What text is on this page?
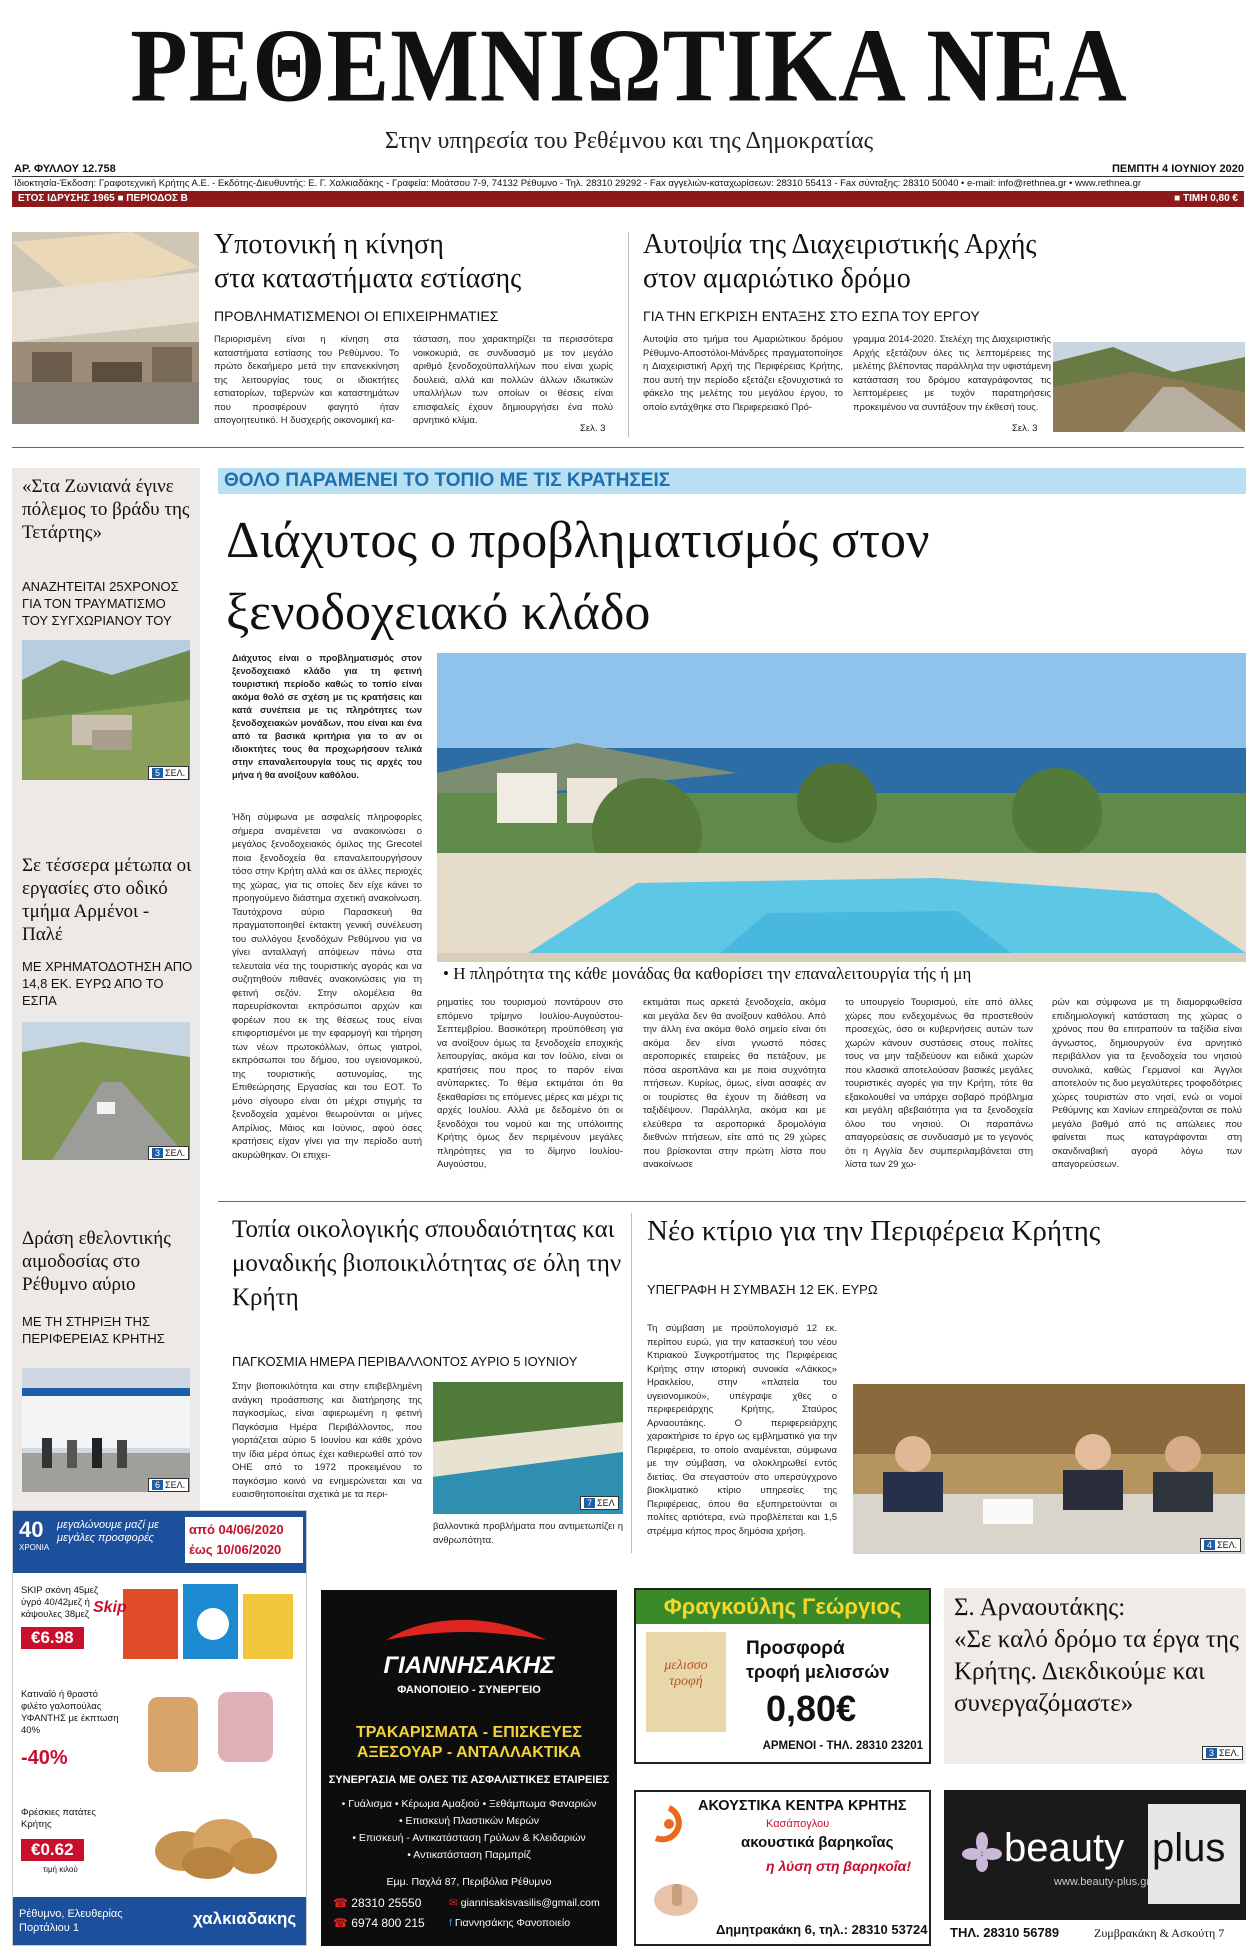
ΡΕΘΕΜΝΙΩΤΙΚΑ ΝΕΑ
Στην υπηρεσία του Ρεθέμνου και της Δημοκρατίας
ΑΡ. ΦΥΛΛΟΥ 12.758	ΠΕΜΠΤΗ 4 ΙΟΥΝΙΟΥ 2020
Ιδιοκτησία-Έκδοση: Γραφοτεχνική Κρήτης Α.Ε. - Εκδότης-Διευθυντής: Ε. Γ. Χαλκιαδάκης - Γραφεία: Μοάτσου 7-9, 74132 Ρέθυμνο - Τηλ. 28310 29292 - Fax αγγελιών-καταχωρίσεων: 28310 55413 - Fax σύνταξης: 28310 50040 • e-mail: info@rethnea.gr • www.rethnea.gr
ΕΤΟΣ ΙΔΡΥΣΗΣ 1965 ■ ΠΕΡΙΟΔΟΣ Β	■ ΤΙΜΗ 0,80 €
Υποτονική η κίνηση
στα καταστήματα εστίασης
ΠΡΟΒΛΗΜΑΤΙΣΜΕΝΟΙ ΟΙ ΕΠΙΧΕΙΡΗΜΑΤΙΕΣ
Περιορισμένη είναι η κίνηση στα καταστήματα εστίασης του Ρεθύμνου. Το πρώτο δεκαήμερο μετά την επανεκκίνηση της λειτουργίας τους οι ιδιοκτήτες εστιατορίων, ταβερνών και καταστημάτων που προσφέρουν φαγητό ήταν απογοητευτικό. Η δυσχερής οικονομική κα-
τάσταση, που χαρακτηρίζει τα περισσότερα νοικοκυριά, σε συνδυασμό με τον μεγάλο αριθμό ξενοδοχοϋπαλλήλων που είναι χωρίς δουλειά, αλλά και πολλών άλλων ιδιωτικών υπαλλήλων των οποίων οι θέσεις είναι επισφαλείς έχουν δημιουργήσει ένα πολύ αρνητικό κλίμα.
Σελ. 3
Αυτοψία της Διαχειριστικής Αρχής
στον αμαριώτικο δρόμο
ΓΙΑ ΤΗΝ ΕΓΚΡΙΣΗ ΕΝΤΑΞΗΣ ΣΤΟ ΕΣΠΑ ΤΟΥ ΕΡΓΟΥ
Αυτοψία στο τμήμα του Αμαριώτικου δρόμου Ρέθυμνο-Αποστόλοι-Μάνδρες πραγματοποίησε η Διαχειριστική Αρχή της Περιφέρειας Κρήτης, που αυτή την περίοδο εξετάζει εξονυχιστικά το φάκελο της μελέτης του μεγάλου έργου, το οποίο εντάχθηκε στο Περιφερειακό Πρό-
γραμμα 2014-2020. Στελέχη της Διαχειριστικής Αρχής εξετάζουν όλες τις λεπτομέρειες της μελέτης βλέποντας παράλληλα την υφιστάμενη κατάσταση του δρόμου καταγράφοντας τις λεπτομέρειες με τυχόν παρατηρήσεις προκειμένου να συντάξουν την έκθεσή τους.
Σελ. 3
«Στα Ζωνιανά έγινε πόλεμος το βράδυ της Τετάρτης»
ΑΝΑΖΗΤΕΙΤΑΙ 25ΧΡΟΝΟΣ ΓΙΑ ΤΟΝ ΤΡΑΥΜΑΤΙΣΜΟ ΤΟΥ ΣΥΓΧΩΡΙΑΝΟΥ ΤΟΥ
5 ΣΕΛ.
Σε τέσσερα μέτωπα οι εργασίες στο οδικό τμήμα Αρμένοι - Παλέ
ΜΕ ΧΡΗΜΑΤΟΔΟΤΗΣΗ ΑΠΟ 14,8 ΕΚ. ΕΥΡΩ ΑΠΟ ΤΟ ΕΣΠΑ
3 ΣΕΛ.
Δράση εθελοντικής αιμοδοσίας στο Ρέθυμνο αύριο
ΜΕ ΤΗ ΣΤΗΡΙΞΗ ΤΗΣ ΠΕΡΙΦΕΡΕΙΑΣ ΚΡΗΤΗΣ
6 ΣΕΛ.
ΘΟΛΟ ΠΑΡΑΜΕΝΕΙ ΤΟ ΤΟΠΙΟ ΜΕ ΤΙΣ ΚΡΑΤΗΣΕΙΣ
Διάχυτος ο προβληματισμός στον
ξενοδοχειακό κλάδο
Διάχυτος είναι ο προβληματισμός στον ξενοδοχειακό κλάδο για τη φετινή τουριστική περίοδο καθώς το τοπίο είναι ακόμα θολό σε σχέση με τις κρατήσεις και κατά συνέπεια με τις πληρότητες των ξενοδοχειακών μονάδων, που είναι και ένα από τα βασικά κριτήρια για το αν οι ιδιοκτήτες τους θα προχωρήσουν τελικά στην επαναλειτουργία τους τις αρχές του μήνα ή θα ανοίξουν καθόλου.
Ήδη σύμφωνα με ασφαλείς πληροφορίες σήμερα αναμένεται να ανακοινώσει ο μεγάλος ξενοδοχειακός όμιλος της Grecotel ποια ξενοδοχεία θα επαναλειτουργήσουν τόσο στην Κρήτη αλλά και σε άλλες περιοχές της χώρας, για τις οποίες δεν είχε κάνει το προηγούμενο διάστημα σχετική ανακοίνωση. Ταυτόχρονα αύριο Παρασκευή θα πραγματοποιηθεί έκτακτη γενική συνέλευση του συλλόγου ξενοδόχων Ρεθύμνου για να γίνει ανταλλαγή απόψεων πάνω στα τελευταία νέα της τουριστικής αγοράς και να συζητηθούν πιθανές ανακοινώσεις για τη φετινή σεζόν. Στην ολομέλεια θα παρευρίσκονται εκπρόσωποι αρχών και φορέων που εκ της θέσεως τους είναι επιφορτισμένοι με την εφαρμογή και τήρηση των νέων πρωτοκόλλων, όπως γιατροί, εκπρόσωποι του δήμου, του υγειονομικού, της τουριστικής αστυνομίας, της Επιθεώρησης Εργασίας και του ΕΟΤ. Το μόνο σίγουρο είναι ότι μέχρι στιγμής τα ξενοδοχεία χαμένοι θεωρούνται οι μήνες Απρίλιος, Μάιος και Ιούνιος, αφού όσες κρατήσεις είχαν γίνει για την περίοδο αυτή ακυρώθηκαν. Οι επιχει-
• Η πληρότητα της κάθε μονάδας θα καθορίσει την επαναλειτουργία τής ή μη
ρηματίες του τουρισμού ποντάρουν στο επόμενο τρίμηνο Ιουλίου-Αυγούστου-Σεπτεμβρίου. Βασικότερη προϋπόθεση για να ανοίξουν όμως τα ξενοδοχεία εποχικής λειτουργίας, ακόμα και τον Ιούλιο, είναι οι κρατήσεις που προς το παρόν είναι ανύπαρκτες. Το θέμα εκτιμάται ότι θα ξεκαθαρίσει τις επόμενες μέρες και μέχρι τις αρχές Ιουλίου. Αλλά με δεδομένο ότι οι ξενοδόχοι του νομού και της υπόλοιπης Κρήτης όμως δεν περιμένουν μεγάλες πληρότητες για το δίμηνο Ιουλίου-Αυγούστου,
εκτιμάται πως αρκετά ξενοδοχεία, ακόμα και μεγάλα δεν θα ανοίξουν καθόλου. Από την άλλη ένα ακόμα θολό σημείο είναι ότι ακόμα δεν είναι γνωστό πόσες αεροπορικές εταιρείες θα πετάξουν, με πόσα αεροπλάνα και με ποια συχνότητα πτήσεων. Κυρίως, όμως, είναι ασαφές αν οι τουρίστες θα έχουν τη διάθεση να ταξιδέψουν. Παράλληλα, ακόμα και με ελεύθερα τα αεροπορικά δρομολόγια διεθνών πτήσεων, είτε από τις 29 χώρες που βρίσκονται στην πρώτη λίστα που ανακοίνωσε
το υπουργείο Τουρισμού, είτε από άλλες χώρες που ενδεχομένως θα προστεθούν προσεχώς, όσο οι κυβερνήσεις αυτών των χωρών κάνουν συστάσεις στους πολίτες τους να μην ταξιδεύουν και ειδικά χωρών που κλασικά αποτελούσαν βασικές μεγάλες τουριστικές αγορές για την Κρήτη, τότε θα εξακολουθεί να υπάρχει σοβαρό πρόβλημα και μεγάλη αβεβαιότητα για τα ξενοδοχεία όλου του νησιού. Οι παραπάνω απαγορεύσεις σε συνδυασμό με το γεγονός ότι η Αγγλία δεν συμπεριλαμβάνεται στη λίστα των 29 χω-
ρών και σύμφωνα με τη διαμορφωθείσα επιδημιολογική κατάσταση της χώρας ο χρόνος που θα επιτραπούν τα ταξίδια είναι άγνωστος, δημιουργούν ένα αρνητικό περιβάλλον για τα ξενοδοχεία του νησιού συνολικά, καθώς Γερμανοί και Άγγλοι αποτελούν τις δυο μεγαλύτερες τροφοδότριες χώρες τουριστών στο νησί, ενώ οι νομοί Ρεθύμνης και Χανίων επηρεάζονται σε πολύ μεγάλο βαθμό από τις απώλειες που φαίνεται πως καταγράφονται στη σκανδιναβική αγορά λόγω των απαγορεύσεων.
Τοπία οικολογικής σπουδαιότητας και μοναδικής βιοποικιλότητας σε όλη την Κρήτη
ΠΑΓΚΟΣΜΙΑ ΗΜΕΡΑ ΠΕΡΙΒΑΛΛΟΝΤΟΣ ΑΥΡΙΟ 5 ΙΟΥΝΙΟΥ
Στην βιοποικιλότητα και στην επιβεβλημένη ανάγκη προάσπισης και διατήρησης της παγκοσμίως, είναι αφιερωμένη η φετινή Παγκόσμια Ημέρα Περιβάλλοντος, που γιορτάζεται αύριο 5 Ιουνίου και κάθε χρόνο την ίδια μέρα όπως έχει καθιερωθεί από τον ΟΗΕ από το 1972 προκειμένου το παγκόσμιο κοινό να ενημερώνεται και να ευαισθητοποιείται σχετικά με τα περι-
7 ΣΕΛ
βαλλοντικά προβλήματα που αντιμετωπίζει η ανθρωπότητα.
Νέο κτίριο για την Περιφέρεια Κρήτης
ΥΠΕΓΡΑΦΗ Η ΣΥΜΒΑΣΗ 12 ΕΚ. ΕΥΡΩ
Τη σύμβαση με προϋπολογισμό 12 εκ. περίπου ευρώ, για την κατασκευή του νέου Κτιριακού Συγκροτήματος της Περιφέρειας Κρήτης στην ιστορική συνοικία «Λάκκος» Ηρακλείου, στην «πλατεία του υγειονομικού», υπέγραψε χθες ο περιφερειάρχης Κρήτης, Σταύρος Αρναουτάκης. Ο περιφερειάρχης χαρακτήρισε το έργο ως εμβληματικό για την Περιφέρεια, το οποίο αναμένεται, σύμφωνα με την σύμβαση, να ολοκληρωθεί εντός διετίας. Θα στεγαστούν στο υπερσύγχρονο βιοκλιματικό κτίριο υπηρεσίες της Περιφέρειας, όπου θα εξυπηρετούνται οι πολίτες αρτιότερα, ενώ προβλέπεται και 1,5 στρέμμα κήπος προς δημόσια χρήση.
4 ΣΕΛ.
40
ΧΡΟΝΙΑ
μεγαλώνουμε μαζί με μεγάλες προσφορές
από 04/06/2020
έως 10/06/2020
SKIP σκόνη 45μεζ ύγρό 40/42μεζ ή κάψουλες 38μεζ
€6.98
Skip
Κατιναΐό ή θραστό φιλέτο γαλοπούλας ΥΦΑΝΤΗΣ με έκπτωση 40%
-40%
Φρέσκιες πατάτες Κρήτης
€0.62
τιμή κιλού
Ρέθυμνο, Ελευθερίας Πορτάλιου 1	χαλκιαδακης
ΓΙΑΝΝΗΣΑΚΗΣ
ΦΑΝΟΠΟΙΕΙΟ - ΣΥΝΕΡΓΕΙΟ
ΤΡΑΚΑΡΙΣΜΑΤΑ - ΕΠΙΣΚΕΥΕΣ
ΑΞΕΣΟΥΑΡ - ΑΝΤΑΛΛΑΚΤΙΚΑ
ΣΥΝΕΡΓΑΣΙΑ ΜΕ ΟΛΕΣ ΤΙΣ ΑΣΦΑΛΙΣΤΙΚΕΣ ΕΤΑΙΡΕΙΕΣ
• Γυάλισμα • Κέρωμα Αμαξιού • Ξεθάμπωμα Φαναριών
• Επισκευή Πλαστικών Μερών
• Επισκευή - Αντικατάσταση Γρύλων & Κλειδαριών
• Αντικατάσταση Παρμπρίζ
Εμμ. Παχλά 87, Περιβόλια Ρέθυμνο
☎ 28310 25550
☎ 6974 800 215
✉ giannisakisvasilis@gmail.com
f Γιαννησάκης Φανοποιείο
Φραγκούλης Γεώργιος
μελισσο τροφή
Προσφορά
τροφή μελισσών
0,80€
ΑΡΜΕΝΟΙ - ΤΗΛ. 28310 23201
Σ. Αρναουτάκης:
«Σε καλό δρόμο τα έργα της Κρήτης. Διεκδικούμε και συνεργαζόμαστε»
3 ΣΕΛ.
ΑΚΟΥΣΤΙΚΑ ΚΕΝΤΡΑ ΚΡΗΤΗΣ
Κασάπογλου
ακουστικά βαρηκοΐας
η λύση στη βαρηκοΐα!
Δημητρακάκη 6, τηλ.: 28310 53724
beauty plus
www.beauty-plus.gr
ΤΗΛ. 28310 56789	Ζυμβρακάκη & Ασκούτη 7
